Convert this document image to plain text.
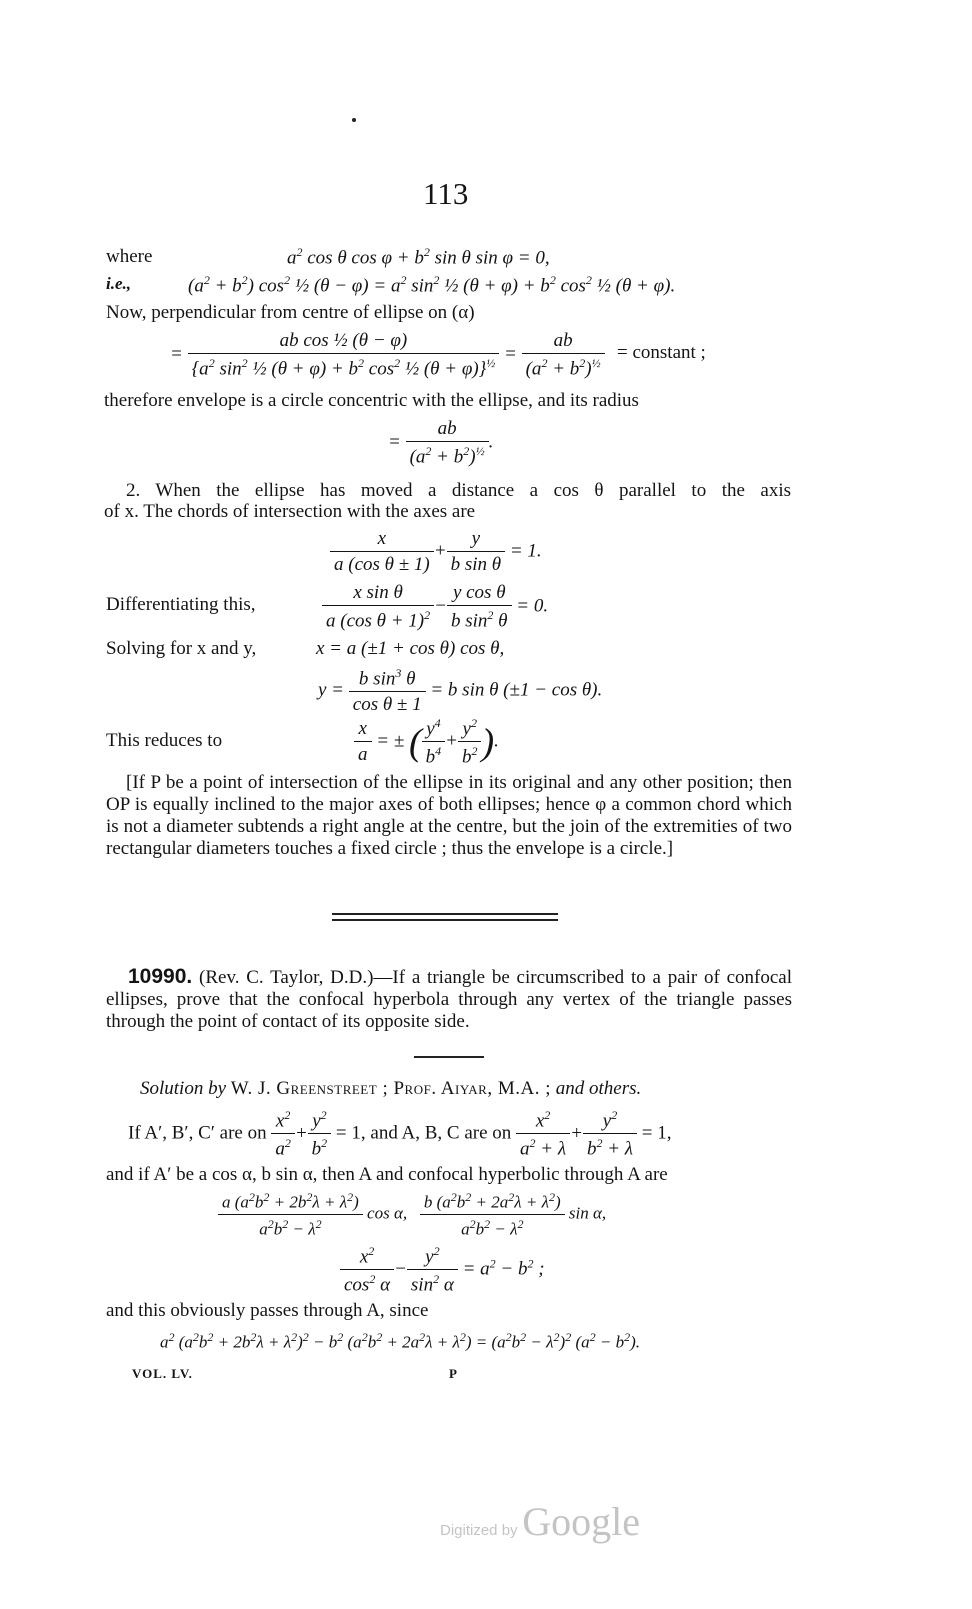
113
where	$a^2$ cos θ $\cos \varphi + b^2$ sin θ sin φ = 0,
i.e.,	$(a^2 + b^2)$ $\cos^2$ ½ $(\theta - \varphi) = a^2$ $\sin^2$ ½ $(\theta + \varphi) + b^2$ $\cos^2$ ½ (θ + φ).
Now, perpendicular from centre of ellipse on (α)
= $\frac{\text{ab cos ½ (θ − φ)}}{\{a^2 \sin^2 \frac{1}{2} (\theta + \varphi) + b^2 \cos^2 \frac{1}{2} (\theta + \varphi)\}^{\frac{1}{2}}} = \frac{ab}{(a^2 + b^2)^{\frac{1}{2}}}$ = constant ;
therefore envelope is a circle concentric with the ellipse, and its radius
= $\frac{ab}{(a^2 + b^2)^{\frac{1}{2}}}$ .
2. When the ellipse has moved a distance a cos θ parallel to the axis
of x. The chords of intersection with the axes are
$\frac{x}{\text{a (cos θ ± 1)}} + \frac{y}{\text{b sin θ}} = 1$.
Differentiating this,	$\frac{\text{x sin θ}}{a (\cos \theta + 1)^2} - \frac{\text{y cos θ}}{b \sin^2 \theta} = 0$.
Solving for x and y,	x = a (±1 + cos θ) cos θ,
$y = \frac{b \sin^3 \theta}{\text{cos θ ± 1}} = b$ sin θ (±1 − cos θ).
This reduces to	$\frac{x}{a}$ = ± ( $\frac{y^4}{b^4} + \frac{y^2}{b^2}$ ).
[If P be a point of intersection of the ellipse in its original and any other position; then OP is equally inclined to the major axes of both ellipses; hence φ a common chord which is not a diameter subtends a right angle at the centre, but the join of the extremities of two rectangular diameters touches a fixed circle ; thus the envelope is a circle.]
10990. (Rev. C. Taylor, D.D.)—If a triangle be circumscribed to a pair of confocal ellipses, prove that the confocal hyperbola through any vertex of the triangle passes through the point of contact of its opposite side.
Solution by W. J. Greenstreet ; Prof. Aiyar, M.A. ; and others.
If A′, B′, C′ are on $\frac{x^2}{a^2} + \frac{y^2}{b^2} = 1$, and A, B, C are on $\frac{x^2}{a^2 + \lambda} + \frac{y^2}{b^2 + \lambda} = 1$,
and if A′ be a cos α, b sin α, then A and confocal hyperbolic through A are
$\frac{a (a^2b^2 + 2b^2\lambda + \lambda^2)}{a^2b^2 - \lambda^2}$ cos α, $\frac{b (a^2b^2 + 2a^2\lambda + \lambda^2)}{a^2b^2 - \lambda^2}$ sin α,
$\frac{x^2}{\cos^2 \alpha} - \frac{y^2}{\sin^2 \alpha} = a^2 - b^2$ ;
and this obviously passes through A, since
$a^2$ $(a^2b^2 + 2b^2\lambda + \lambda^2)^2 - b^2$ $(a^2b^2 + 2a^2\lambda + \lambda^2) = (a^2b^2 - \lambda^2)^2$ $(a^2 - b^2)$.
VOL. LV.	P
Digitized by Google
